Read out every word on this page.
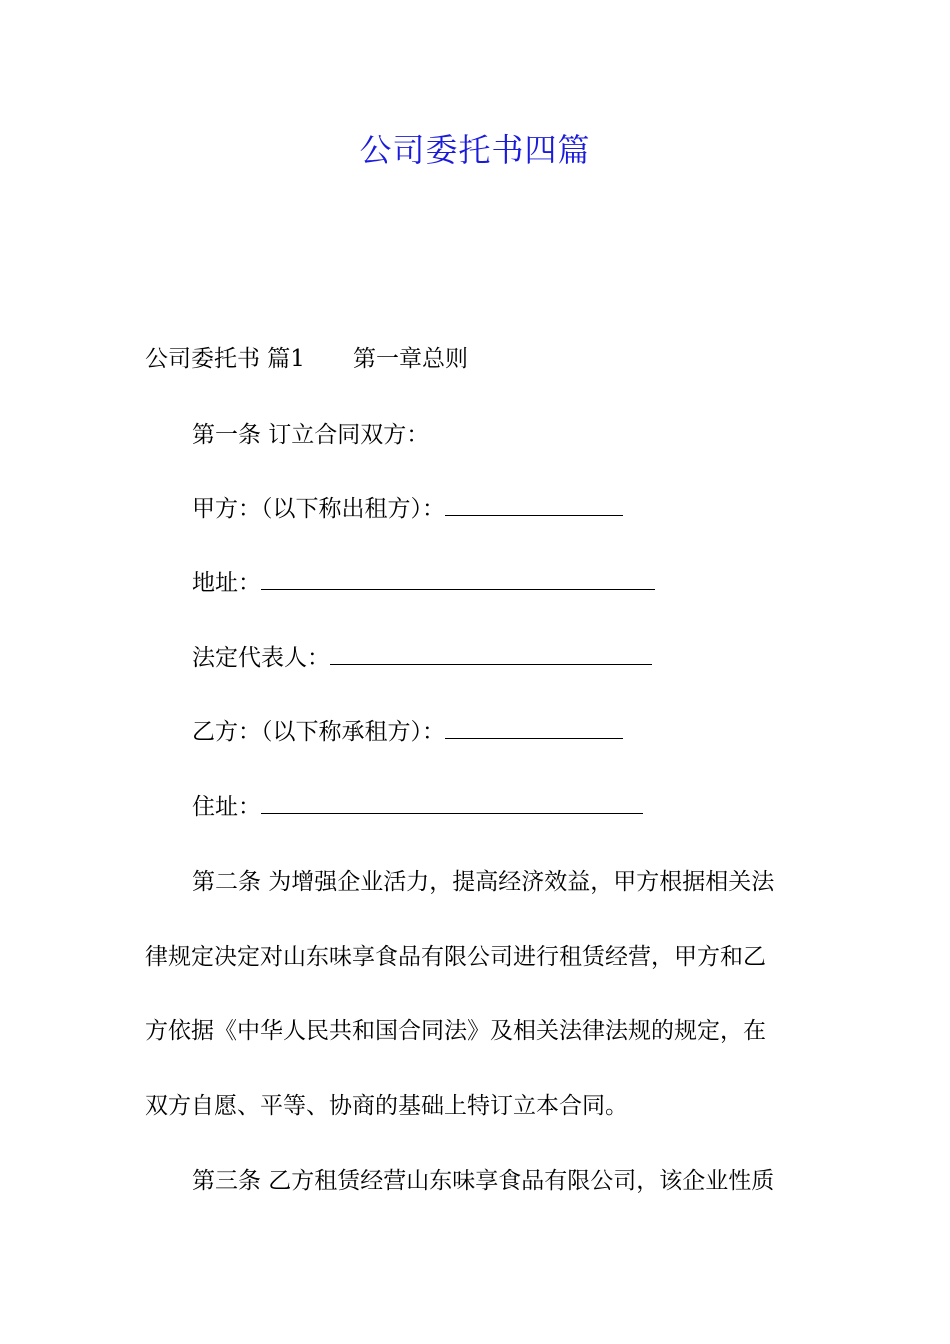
公司委托书四篇
公司委托书 篇1 第一章总则
第一条 订立合同双方：
甲方：（以下称出租方）：
地址：
法定代表人：
乙方：（以下称承租方）：
住址：
第二条 为增强企业活力，提高经济效益，甲方根据相关法
律规定决定对山东味享食品有限公司进行租赁经营，甲方和乙
方依据《中华人民共和国合同法》及相关法律法规的规定，在
双方自愿、平等、协商的基础上特订立本合同。
第三条 乙方租赁经营山东味享食品有限公司，该企业性质
